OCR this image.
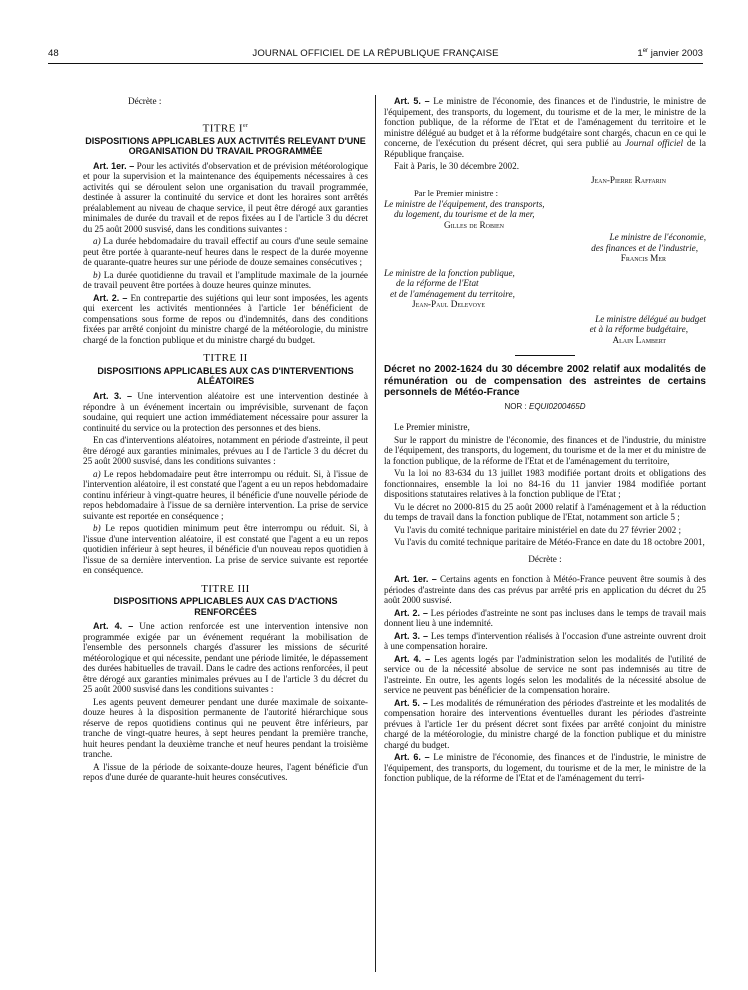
48	JOURNAL OFFICIEL DE LA RÉPUBLIQUE FRANÇAISE	1er janvier 2003

Décrète :

TITRE Ier
DISPOSITIONS APPLICABLES AUX ACTIVITÉS RELEVANT D'UNE ORGANISATION DU TRAVAIL PROGRAMMÉE

Art. 1er. – Pour les activités d'observation et de prévision météorologique et pour la supervision et la maintenance des équipements nécessaires à ces activités qui se déroulent selon une organisation du travail programmée, destinée à assurer la continuité du service et dont les horaires sont arrêtés préalablement au niveau de chaque service, il peut être dérogé aux garanties minimales de durée du travail et de repos fixées au I de l'article 3 du décret du 25 août 2000 susvisé, dans les conditions suivantes :

a) La durée hebdomadaire du travail effectif au cours d'une seule semaine peut être portée à quarante-neuf heures dans le respect de la durée moyenne de quarante-quatre heures sur une période de douze semaines consécutives ;

b) La durée quotidienne du travail et l'amplitude maximale de la journée de travail peuvent être portées à douze heures quinze minutes.

Art. 2. – En contrepartie des sujétions qui leur sont imposées, les agents qui exercent les activités mentionnées à l'article 1er bénéficient de compensations sous forme de repos ou d'indemnités, dans des conditions fixées par arrêté conjoint du ministre chargé de la météorologie, du ministre chargé de la fonction publique et du ministre chargé du budget.

TITRE II
DISPOSITIONS APPLICABLES AUX CAS D'INTERVENTIONS ALÉATOIRES

Art. 3. – Une intervention aléatoire est une intervention destinée à répondre à un événement incertain ou imprévisible, survenant de façon soudaine, qui requiert une action immédiatement nécessaire pour assurer la continuité du service ou la protection des personnes et des biens.

En cas d'interventions aléatoires, notamment en période d'astreinte, il peut être dérogé aux garanties minimales, prévues au I de l'article 3 du décret du 25 août 2000 susvisé, dans les conditions suivantes :

a) Le repos hebdomadaire peut être interrompu ou réduit. Si, à l'issue de l'intervention aléatoire, il est constaté que l'agent a eu un repos hebdomadaire continu inférieur à vingt-quatre heures, il bénéficie d'une nouvelle période de repos hebdomadaire à l'issue de sa dernière intervention. La prise de service suivante est reportée en conséquence ;

b) Le repos quotidien minimum peut être interrompu ou réduit. Si, à l'issue d'une intervention aléatoire, il est constaté que l'agent a eu un repos quotidien inférieur à sept heures, il bénéficie d'un nouveau repos quotidien à l'issue de sa dernière intervention. La prise de service suivante est reportée en conséquence.

TITRE III
DISPOSITIONS APPLICABLES AUX CAS D'ACTIONS RENFORCÉES

Art. 4. – Une action renforcée est une intervention intensive non programmée exigée par un événement requérant la mobilisation de l'ensemble des personnels chargés d'assurer les missions de sécurité météorologique et qui nécessite, pendant une période limitée, le dépassement des durées habituelles de travail. Dans le cadre des actions renforcées, il peut être dérogé aux garanties minimales prévues au I de l'article 3 du décret du 25 août 2000 susvisé dans les conditions suivantes :

Les agents peuvent demeurer pendant une durée maximale de soixante-douze heures à la disposition permanente de l'autorité hiérarchique sous réserve de repos quotidiens continus qui ne peuvent être inférieurs, par tranche de vingt-quatre heures, à sept heures pendant la première tranche, huit heures pendant la deuxième tranche et neuf heures pendant la troisième tranche.

A l'issue de la période de soixante-douze heures, l'agent bénéficie d'un repos d'une durée de quarante-huit heures consécutives.

Art. 5. – Le ministre de l'économie, des finances et de l'industrie, le ministre de l'équipement, des transports, du logement, du tourisme et de la mer, le ministre de la fonction publique, de la réforme de l'Etat et de l'aménagement du territoire et le ministre délégué au budget et à la réforme budgétaire sont chargés, chacun en ce qui le concerne, de l'exécution du présent décret, qui sera publié au Journal officiel de la République française.

Fait à Paris, le 30 décembre 2002.

Jean-Pierre Raffarin
Par le Premier ministre :
Le ministre de l'équipement, des transports,
du logement, du tourisme et de la mer,
Gilles de Robien
Le ministre de l'économie,
des finances et de l'industrie,
Francis Mer
Le ministre de la fonction publique,
de la réforme de l'Etat
et de l'aménagement du territoire,
Jean-Paul Delevoye
Le ministre délégué au budget
et à la réforme budgétaire,
Alain Lambert
Décret no 2002-1624 du 30 décembre 2002 relatif aux modalités de rémunération ou de compensation des astreintes de certains personnels de Météo-France
NOR : EQUI0200465D

Le Premier ministre,

Sur le rapport du ministre de l'économie, des finances et de l'industrie, du ministre de l'équipement, des transports, du logement, du tourisme et de la mer et du ministre de la fonction publique, de la réforme de l'Etat et de l'aménagement du territoire,

Vu la loi no 83-634 du 13 juillet 1983 modifiée portant droits et obligations des fonctionnaires, ensemble la loi no 84-16 du 11 janvier 1984 modifiée portant dispositions statutaires relatives à la fonction publique de l'Etat ;

Vu le décret no 2000-815 du 25 août 2000 relatif à l'aménagement et à la réduction du temps de travail dans la fonction publique de l'Etat, notamment son article 5 ;

Vu l'avis du comité technique paritaire ministériel en date du 27 février 2002 ;

Vu l'avis du comité technique paritaire de Météo-France en date du 18 octobre 2001,

Décrète :

Art. 1er. – Certains agents en fonction à Météo-France peuvent être soumis à des périodes d'astreinte dans des cas prévus par arrêté pris en application du décret du 25 août 2000 susvisé.

Art. 2. – Les périodes d'astreinte ne sont pas incluses dans le temps de travail mais donnent lieu à une indemnité.

Art. 3. – Les temps d'intervention réalisés à l'occasion d'une astreinte ouvrent droit à une compensation horaire.

Art. 4. – Les agents logés par l'administration selon les modalités de l'utilité de service ou de la nécessité absolue de service ne sont pas indemnisés au titre de l'astreinte. En outre, les agents logés selon les modalités de la nécessité absolue de service ne peuvent pas bénéficier de la compensation horaire.

Art. 5. – Les modalités de rémunération des périodes d'astreinte et les modalités de compensation horaire des interventions éventuelles durant les périodes d'astreinte prévues à l'article 1er du présent décret sont fixées par arrêté conjoint du ministre chargé de la météorologie, du ministre chargé de la fonction publique et du ministre chargé du budget.

Art. 6. – Le ministre de l'économie, des finances et de l'industrie, le ministre de l'équipement, des transports, du logement, du tourisme et de la mer, le ministre de la fonction publique, de la réforme de l'Etat et de l'aménagement du terri-
